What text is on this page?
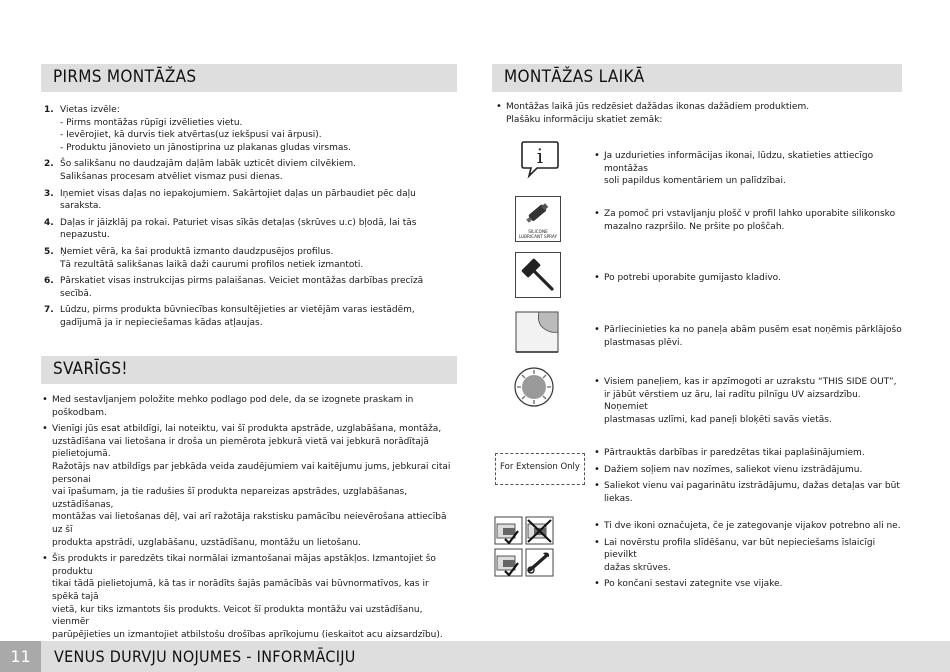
PIRMS MONTĀŽAS	MONTĀŽAS LAIKĀ
SVARĪGS!
1. Vietas izvēle:
- Pirms montāžas rūpīgi izvēlieties vietu.
- Ievērojiet, kā durvis tiek atvērtas(uz iekšpusi vai ārpusi).
- Produktu jānovieto un jānostiprina uz plakanas gludas virsmas.
2. Šo salikšanu no daudzajām daļām labāk uzticēt diviem cilvēkiem.
Salikšanas procesam atvēliet vismaz pusi dienas.
3. Iņemiet visas daļas no iepakojumiem. Sakārtojiet daļas un pārbaudiet pēc daļu saraksta.
4. Daļas ir jāizklāj pa rokai. Paturiet visas sīkās detaļas (skrūves u.c) bļodā, lai tās nepazustu.
5. Ņemiet vērā, ka šai produktā izmanto daudzpusējos profilus.
Tā rezultātā salikšanas laikā daži caurumi profilos netiek izmantoti.
6. Pārskatiet visas instrukcijas pirms palaišanas. Veiciet montāžas darbības precīzā secībā.
7. Lūdzu, pirms produkta būvniecības konsultējieties ar vietējām varas iestādēm,
gadījumā ja ir nepieciešamas kādas atļaujas.
• Med sestavljanjem položite mehko podlago pod dele, da se izognete praskam in poškodbam.
• Vienīgi jūs esat atbildīgi, lai noteiktu, vai šī produkta apstrāde, uzglabāšana, montāža,
uzstādīšana vai lietošana ir droša un piemērota jebkurā vietā vai jebkurā norādītajā pielietojumā.
Ražotājs nav atbildīgs par jebkāda veida zaudējumiem vai kaitējumu jums, jebkurai citai personai
vai īpašumam, ja tie radušies šī produkta nepareizas apstrādes, uzglabāšanas, uzstādīšanas,
montāžas vai lietošanas dēļ, vai arī ražotāja rakstisku pamācību neievērošana attiecībā uz šī
produkta apstrādi, uzglabāšanu, uzstādīšanu, montāžu un lietošanu.
• Šis produkts ir paredzēts tikai normālai izmantošanai mājas apstākļos. Izmantojiet šo produktu
tikai tādā pielietojumā, kā tas ir norādīts šajās pamācībās vai būvnormatīvos, kas ir spēkā tajā
vietā, kur tiks izmantots šis produkts. Veicot šī produkta montāžu vai uzstādīšanu, vienmēr
parūpējieties un izmantojiet atbilstošu drošības aprīkojumu (ieskaitot acu aizsardzību).
• Montāžas laikā jūs redzēsiet dažādas ikonas dažādiem produktiem.
Plašāku informāciju skatiet zemāk:
i
•	Ja uzdurieties informācijas ikonai, lūdzu, skatieties attiecīgo montāžas
soli papildus komentāriem un palīdzībai.
SILICONE
LUBRICANT SPRAY
• Za pomoč pri vstavljanju plošč v profil lahko uporabite silikonsko
mazalno razpršilo. Ne pršite po ploščah.
• Po potrebi uporabite gumijasto kladivo.
• Pārliecinieties ka no paneļa abām pusēm esat noņēmis pārklājošo
plastmasas plēvi.
• Visiem paneļiem, kas ir apzīmogoti ar uzrakstu “THIS SIDE OUT”,
ir jābūt vērstiem uz āru, lai radītu pilnīgu UV aizsardzību. Noņemiet
plastmasas uzlīmi, kad paneļi bloķēti savās vietās.
For Extension Only
• Pārtrauktās darbības ir paredzētas tikai paplašinājumiem.
• Dažiem soļiem nav nozīmes, saliekot vienu izstrādājumu.
• Saliekot vienu vai pagarinātu izstrādājumu, dažas detaļas var būt liekas.
• Ti dve ikoni označujeta, če je zategovanje vijakov potrebno ali ne.
• Lai novērstu profila slīdēšanu, var būt nepieciešams īslaicīgi pievilkt
dažas skrūves.
• Po končani sestavi zategnite vse vijake.
11	VENUS DURVJU NOJUMES - INFORMĀCIJU
